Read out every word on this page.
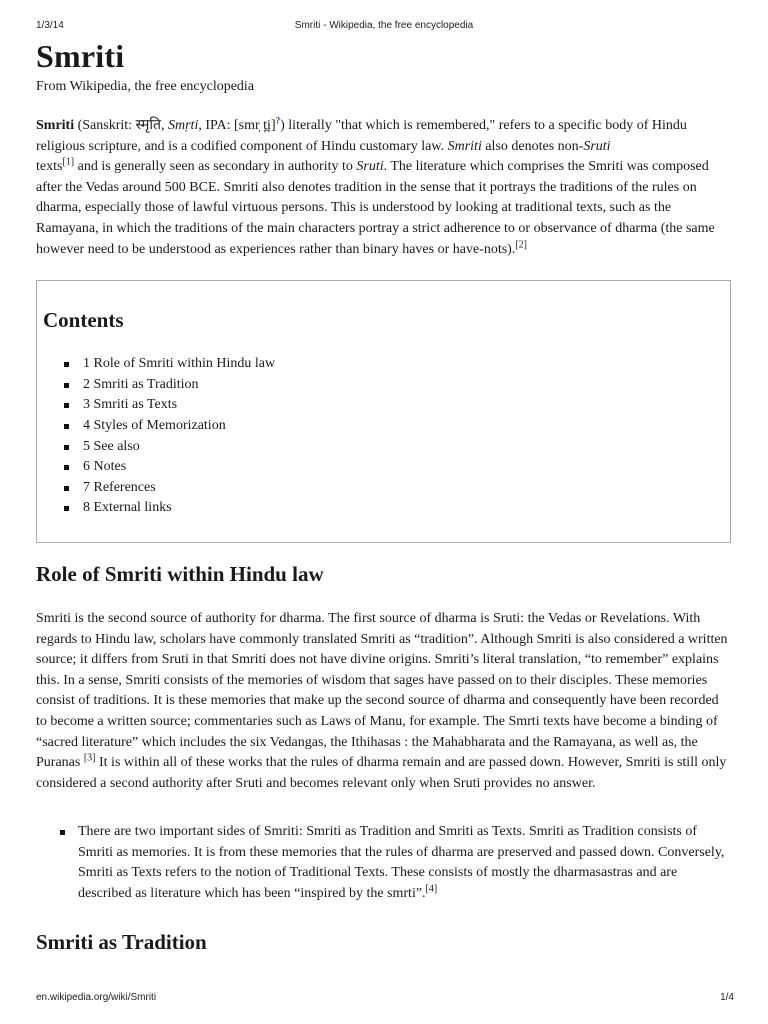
1/3/14	Smriti - Wikipedia, the free encyclopedia
Smriti
From Wikipedia, the free encyclopedia
Smriti (Sanskrit: स्मृति, Smṛti, IPA: [smr̩ t̪i]?) literally "that which is remembered," refers to a specific body of Hindu religious scripture, and is a codified component of Hindu customary law. Smriti also denotes non-Sruti
texts[1] and is generally seen as secondary in authority to Sruti. The literature which comprises the Smriti was composed after the Vedas around 500 BCE. Smriti also denotes tradition in the sense that it portrays the traditions of the rules on dharma, especially those of lawful virtuous persons. This is understood by looking at traditional texts, such as the Ramayana, in which the traditions of the main characters portray a strict adherence to or observance of dharma (the same however need to be understood as experiences rather than binary haves or have-nots).[2]
Contents
1 Role of Smriti within Hindu law
2 Smriti as Tradition
3 Smriti as Texts
4 Styles of Memorization
5 See also
6 Notes
7 References
8 External links
Role of Smriti within Hindu law
Smriti is the second source of authority for dharma. The first source of dharma is Sruti: the Vedas or Revelations. With regards to Hindu law, scholars have commonly translated Smriti as “tradition”. Although Smriti is also considered a written source; it differs from Sruti in that Smriti does not have divine origins. Smriti’s literal translation, “to remember” explains this. In a sense, Smriti consists of the memories of wisdom that sages have passed on to their disciples. These memories consist of traditions. It is these memories that make up the second source of dharma and consequently have been recorded to become a written source; commentaries such as Laws of Manu, for example. The Smrti texts have become a binding of “sacred literature” which includes the six Vedangas, the Ithihasas : the Mahabharata and the Ramayana, as well as, the Puranas [3] It is within all of these works that the rules of dharma remain and are passed down. However, Smriti is still only considered a second authority after Sruti and becomes relevant only when Sruti provides no answer.
There are two important sides of Smriti: Smriti as Tradition and Smriti as Texts. Smriti as Tradition consists of Smriti as memories. It is from these memories that the rules of dharma are preserved and passed down. Conversely, Smriti as Texts refers to the notion of Traditional Texts. These consists of mostly the dharmasastras and are described as literature which has been “inspired by the smrti”.[4]
Smriti as Tradition
en.wikipedia.org/wiki/Smriti	1/4
